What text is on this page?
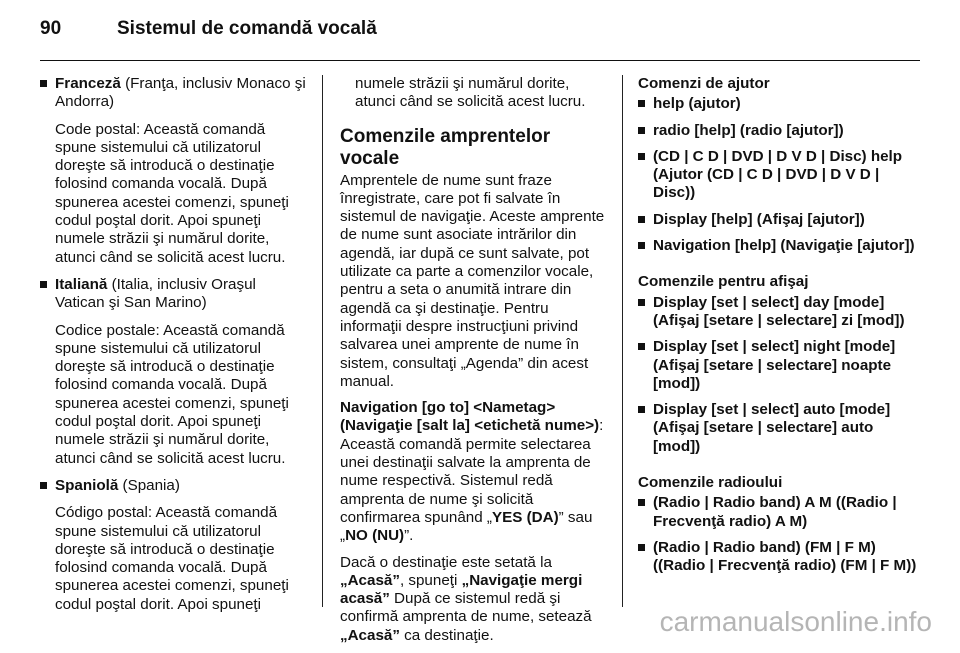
90	Sistemul de comandă vocală
Franceză (Franţa, inclusiv Monaco şi Andorra)
Code postal: Această comandă spune sistemului că utilizatorul doreşte să introducă o destinaţie folosind comanda vocală. După spunerea acestei comenzi, spuneţi codul poştal dorit. Apoi spuneţi numele străzii şi numărul dorite, atunci când se solicită acest lucru.
Italiană (Italia, inclusiv Oraşul Vatican şi San Marino)
Codice postale: Această comandă spune sistemului că utilizatorul doreşte să introducă o destinaţie folosind comanda vocală. După spunerea acestei comenzi, spuneţi codul poştal dorit. Apoi spuneţi numele străzii şi numărul dorite, atunci când se solicită acest lucru.
Spaniolă (Spania)
Código postal: Această comandă spune sistemului că utilizatorul doreşte să introducă o destinaţie folosind comanda vocală. După spunerea acestei comenzi, spuneţi codul poştal dorit. Apoi spuneţi
numele străzii şi numărul dorite, atunci când se solicită acest lucru.
Comenzile amprentelor vocale
Amprentele de nume sunt fraze înregistrate, care pot fi salvate în sistemul de navigaţie. Aceste amprente de nume sunt asociate intrărilor din agendă, iar după ce sunt salvate, pot utilizate ca parte a comenzilor vocale, pentru a seta o anumită intrare din agendă ca şi destinaţie. Pentru informaţii despre instrucţiuni privind salvarea unei amprente de nume în sistem, consultaţi „Agenda” din acest manual.
Navigation [go to] <Nametag> (Navigaţie [salt la] <etichetă nume>): Această comandă permite selectarea unei destinaţii salvate la amprenta de nume respectivă. Sistemul redă amprenta de nume şi solicită confirmarea spunând „YES (DA)” sau „NO (NU)”.
Dacă o destinaţie este setată la „Acasă”, spuneţi „Navigaţie mergi acasă” După ce sistemul redă şi confirmă amprenta de nume, setează „Acasă” ca destinaţie.
Comenzi de ajutor
help (ajutor)
radio [help] (radio [ajutor])
(CD | C D | DVD | D V D | Disc) help (Ajutor (CD | C D | DVD | D V D | Disc))
Display [help] (Afişaj [ajutor])
Navigation [help] (Navigaţie [ajutor])
Comenzile pentru afişaj
Display [set | select] day [mode] (Afişaj [setare | selectare] zi [mod])
Display [set | select] night [mode] (Afişaj [setare | selectare] noapte [mod])
Display [set | select] auto [mode] (Afişaj [setare | selectare] auto [mod])
Comenzile radioului
(Radio | Radio band) A M ((Radio | Frecvenţă radio) A M)
(Radio | Radio band) (FM | F M) ((Radio | Frecvenţă radio) (FM | F M))
carmanualsonline.info
